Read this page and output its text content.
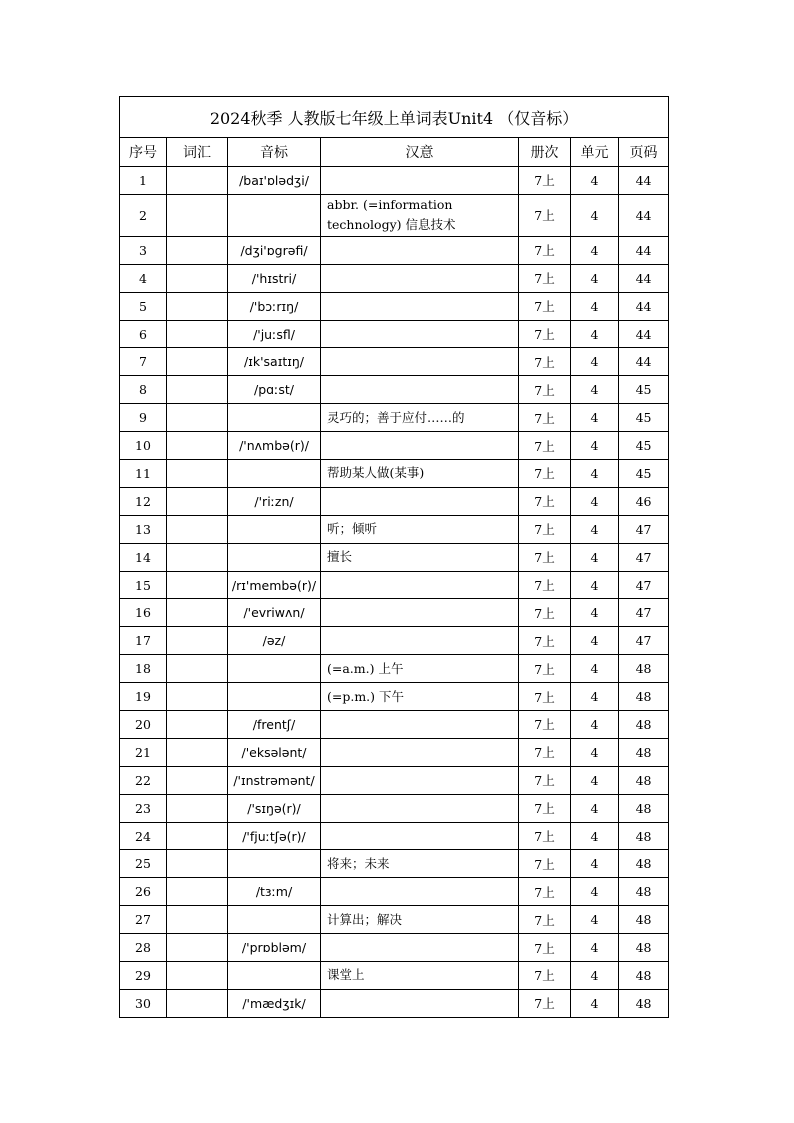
2024秋季 人教版七年级上单词表Unit4 （仅音标）						
序号	词汇	音标	汉意	册次	单元	页码
1		/baɪ'ɒlədʒi/		7上	4	44
2			abbr. (=information technology) 信息技术	7上	4	44
3		/dʒi'ɒgrəfi/		7上	4	44
4		/'hɪstri/		7上	4	44
5		/'bɔːrɪŋ/		7上	4	44
6		/'juːsfl/		7上	4	44
7		/ɪk'saɪtɪŋ/		7上	4	44
8		/pɑːst/		7上	4	45
9			灵巧的；善于应付……的	7上	4	45
10		/'nʌmbə(r)/		7上	4	45
11			帮助某人做(某事)	7上	4	45
12		/'riːzn/		7上	4	46
13			听；倾听	7上	4	47
14			擅长	7上	4	47
15		/rɪ'membə(r)/		7上	4	47
16		/'evriwʌn/		7上	4	47
17		/əz/		7上	4	47
18			(=a.m.) 上午	7上	4	48
19			(=p.m.) 下午	7上	4	48
20		/frentʃ/		7上	4	48
21		/'eksələnt/		7上	4	48
22		/'ɪnstrəmənt/		7上	4	48
23		/'sɪŋə(r)/		7上	4	48
24		/'fjuːtʃə(r)/		7上	4	48
25			将来；未来	7上	4	48
26		/tɜːm/		7上	4	48
27			计算出；解决	7上	4	48
28		/'prɒbləm/		7上	4	48
29			课堂上	7上	4	48
30		/'mædʒɪk/		7上	4	48
